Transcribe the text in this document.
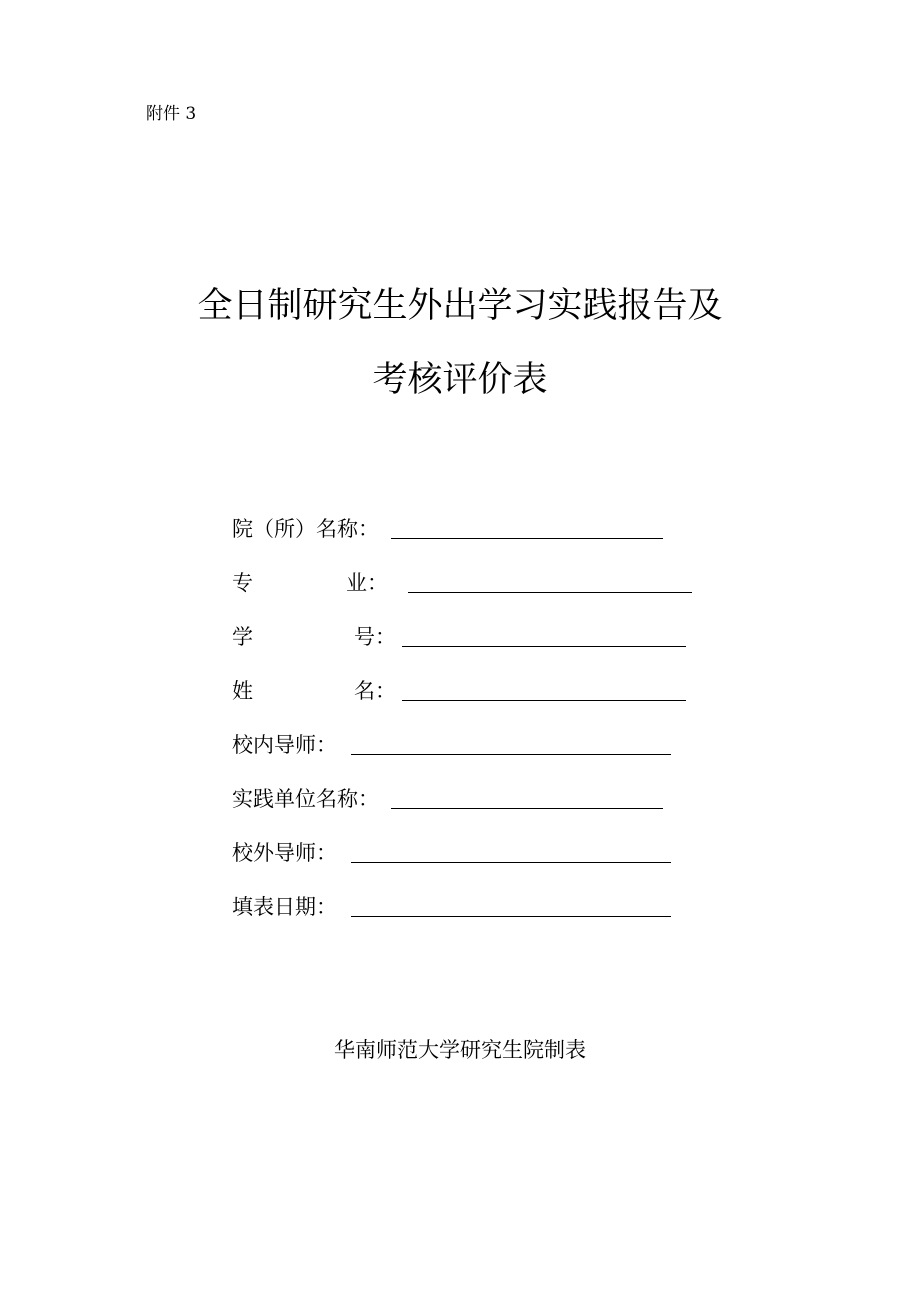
附件 3
全日制研究生外出学习实践报告及
考核评价表
院（所）名称：
专	业：
学	号：
姓	名：
校内导师：
实践单位名称：
校外导师：
填表日期：
华南师范大学研究生院制表
